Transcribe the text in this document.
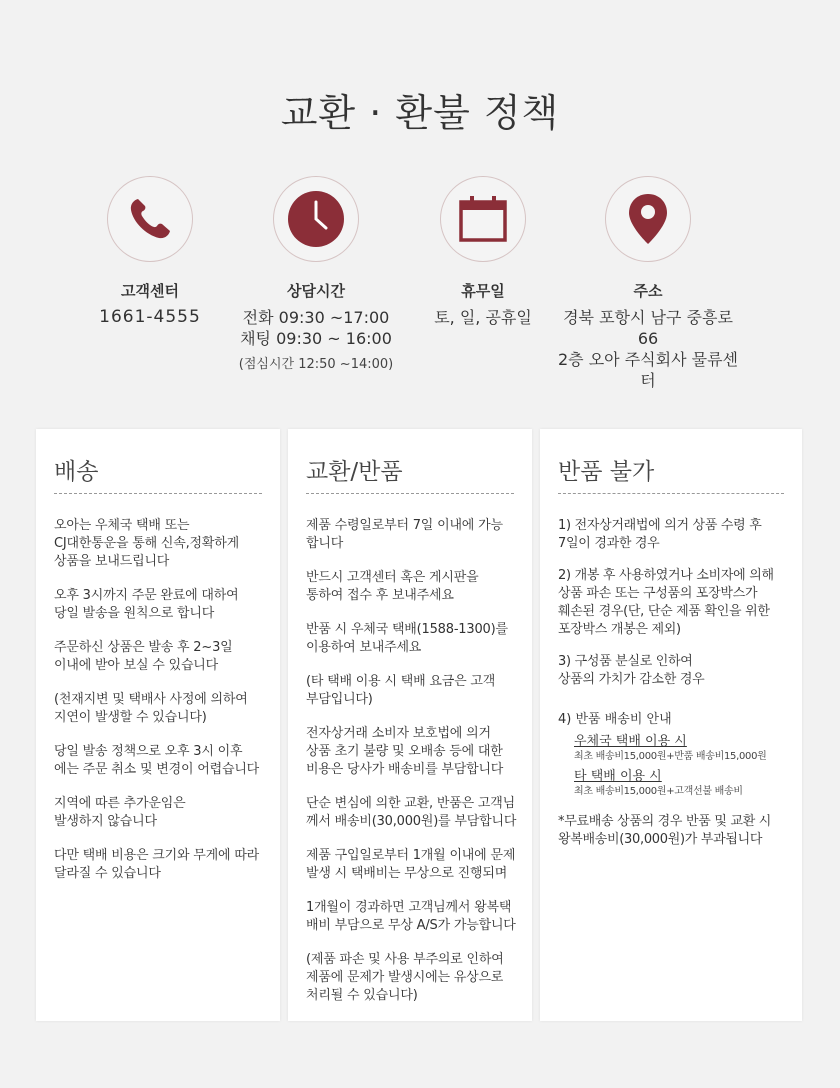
교환 · 환불 정책
고객센터
1661-4555
상담시간
전화 09:30 ~17:00
채팅 09:30 ~ 16:00
(점심시간 12:50 ~14:00)
휴무일
토, 일, 공휴일
주소
경북 포항시 남구 중흥로 66
2층 오아 주식회사 물류센터
배송
오아는 우체국 택배 또는
CJ대한통운을 통해 신속,정확하게
상품을 보내드립니다
오후 3시까지 주문 완료에 대하여
당일 발송을 원칙으로 합니다
주문하신 상품은 발송 후 2~3일
이내에 받아 보실 수 있습니다
(천재지변 및 택배사 사정에 의하여
지연이 발생할 수 있습니다)
당일 발송 정책으로 오후 3시 이후
에는 주문 취소 및 변경이 어렵습니다
지역에 따른 추가운임은
발생하지 않습니다
다만 택배 비용은 크기와 무게에 따라
달라질 수 있습니다
교환/반품
제품 수령일로부터 7일 이내에 가능
합니다
반드시 고객센터 혹은 게시판을
통하여 접수 후 보내주세요
반품 시 우체국 택배(1588-1300)를
이용하여 보내주세요
(타 택배 이용 시 택배 요금은 고객
부담입니다)
전자상거래 소비자 보호법에 의거
상품 초기 불량 및 오배송 등에 대한
비용은 당사가 배송비를 부담합니다
단순 변심에 의한 교환, 반품은 고객님
께서 배송비(30,000원)를 부담합니다
제품 구입일로부터 1개월 이내에 문제
발생 시 택배비는 무상으로 진행되며
1개월이 경과하면 고객님께서 왕복택
배비 부담으로 무상 A/S가 가능합니다
(제품 파손 및 사용 부주의로 인하여
제품에 문제가 발생시에는 유상으로
처리될 수 있습니다)
반품 불가
1) 전자상거래법에 의거 상품 수령 후
7일이 경과한 경우
2) 개봉 후 사용하였거나 소비자에 의해
상품 파손 또는 구성품의 포장박스가
훼손된 경우(단, 단순 제품 확인을 위한
포장박스 개봉은 제외)
3) 구성품 분실로 인하여
상품의 가치가 감소한 경우
4) 반품 배송비 안내
우체국 택배 이용 시
최초 배송비15,000원+반품 배송비15,000원
타 택배 이용 시
최초 배송비15,000원+고객선불 배송비
*무료배송 상품의 경우 반품 및 교환 시
왕복배송비(30,000원)가 부과됩니다
